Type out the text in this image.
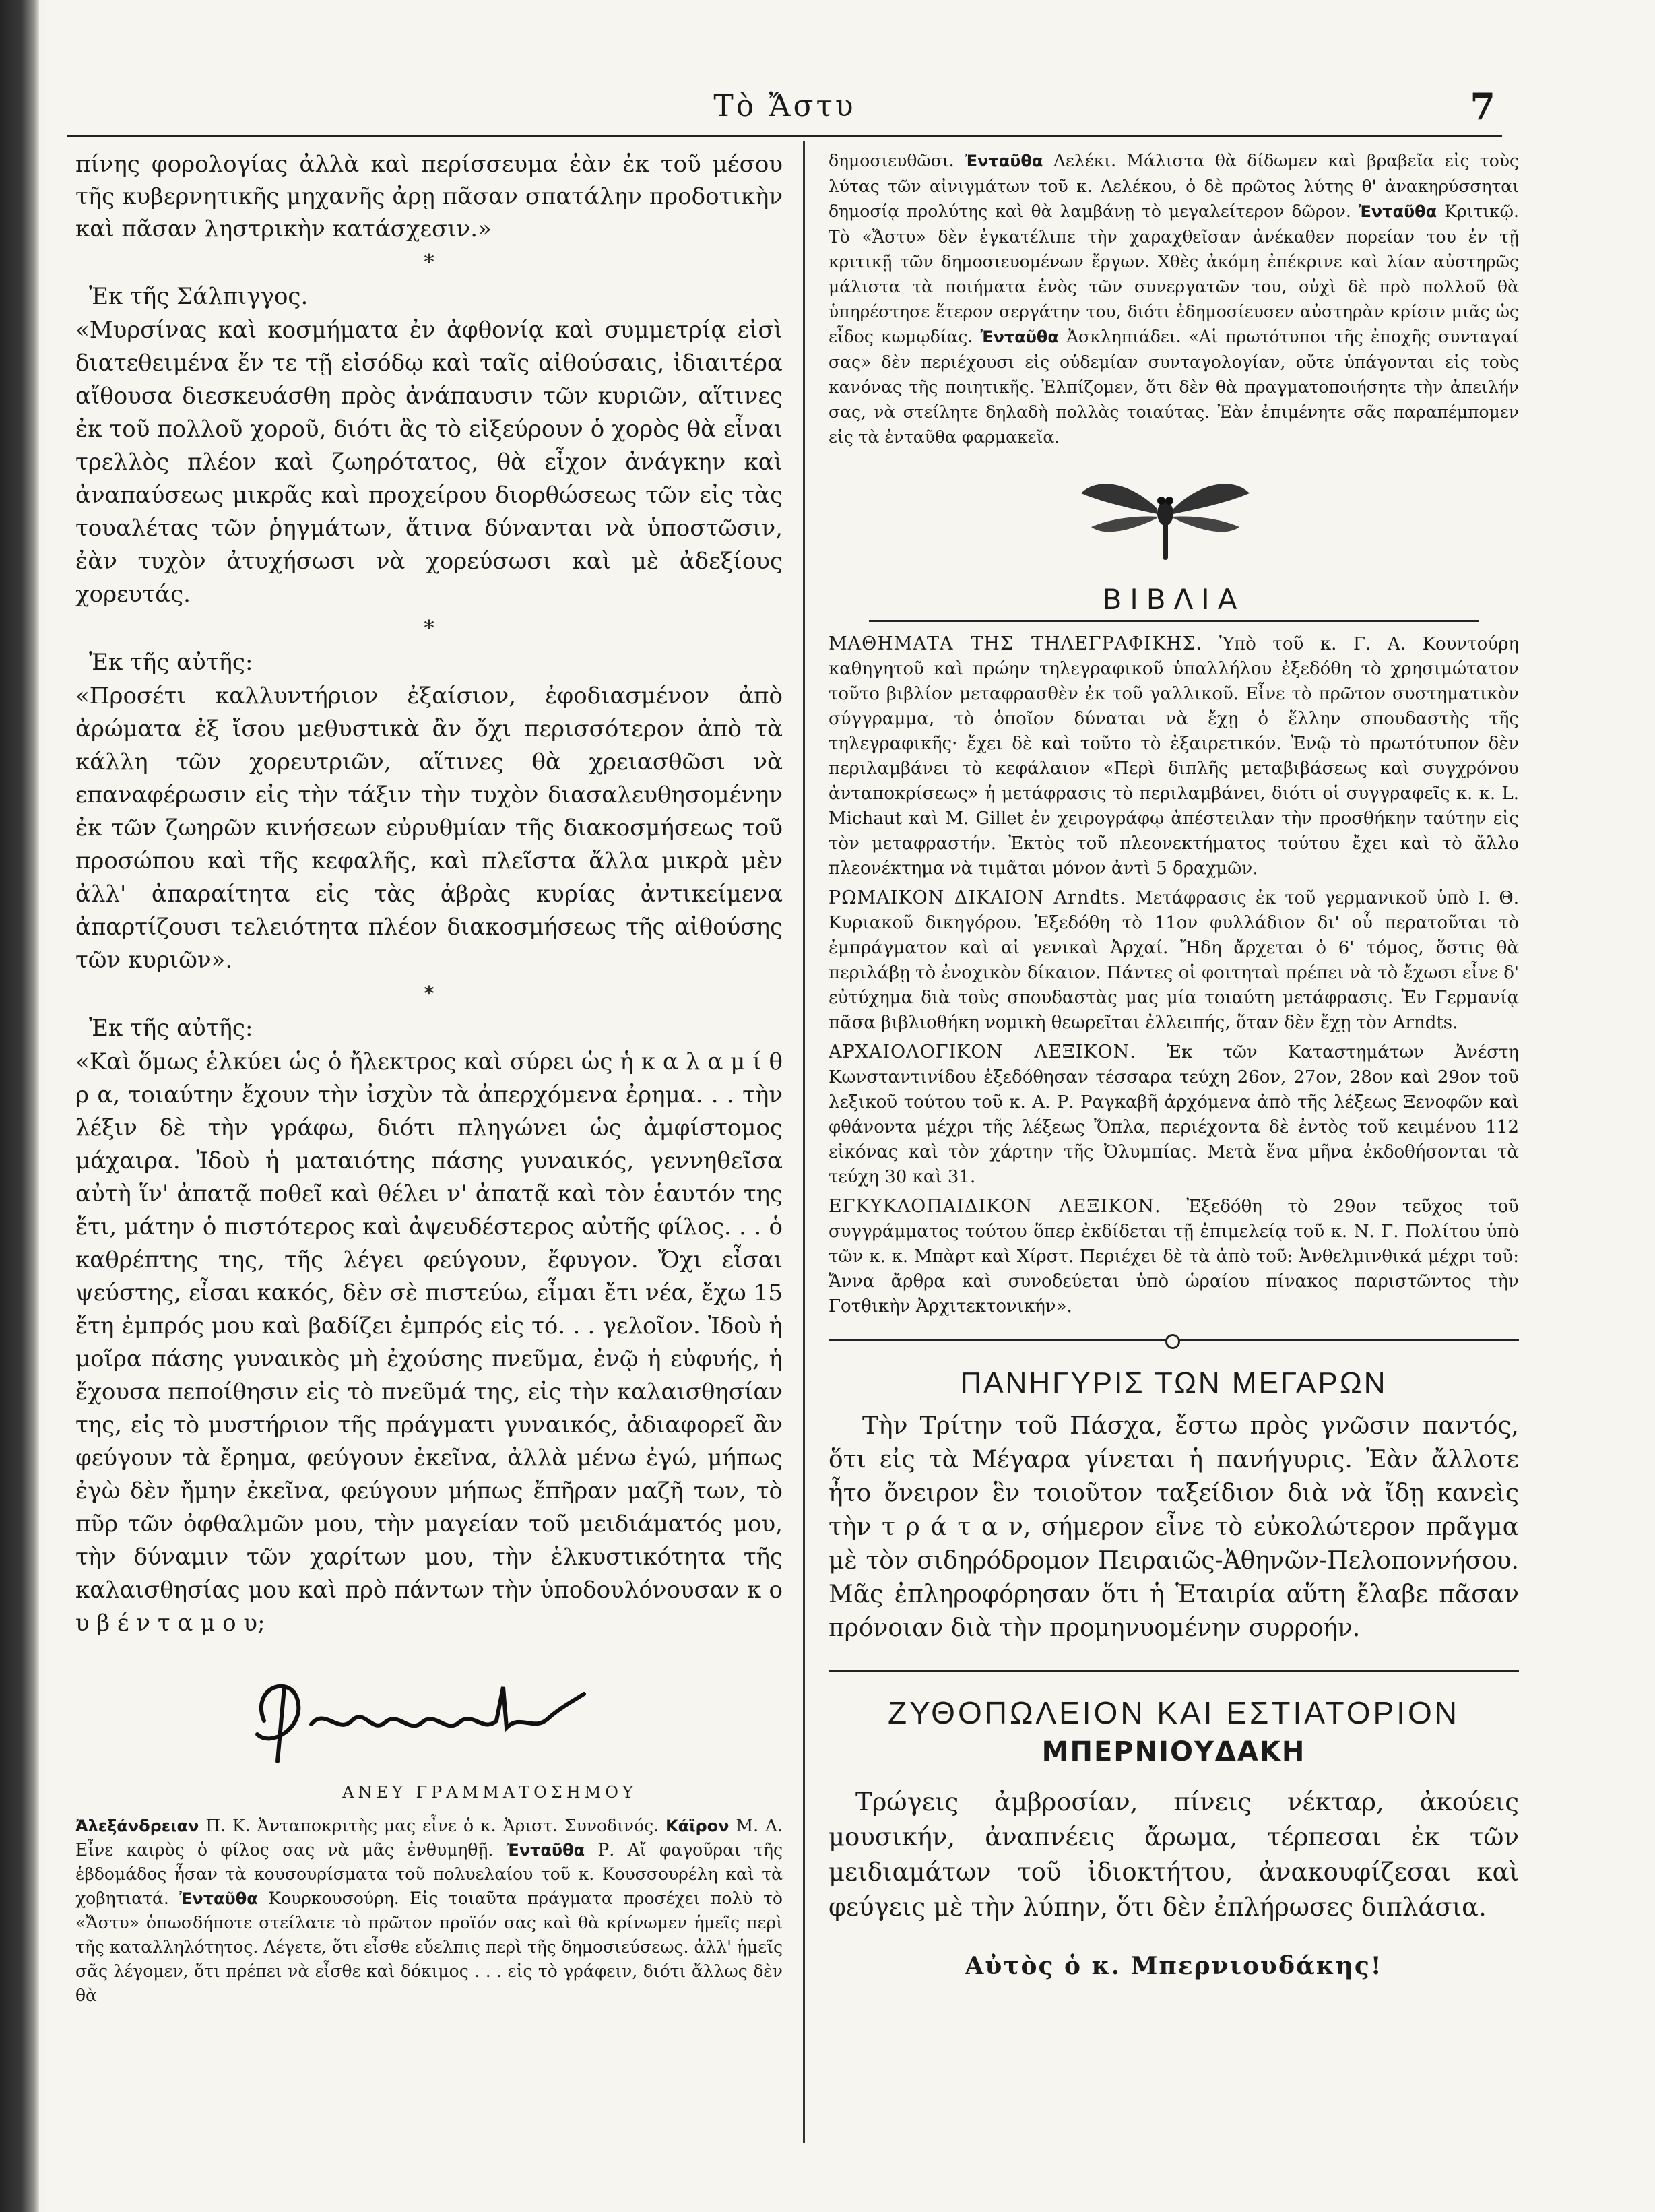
Τὸ Ἄστυ	7

πίνης φορολογίας ἀλλὰ καὶ περίσσευμα ἐὰν ἐκ τοῦ μέσου τῆς κυβερνητικῆς μηχανῆς ἀρῃ πᾶσαν σπατάλην προδοτικὴν καὶ πᾶσαν ληστρικὴν κατάσχεσιν.»

*

Ἐκ τῆς Σάλπιγγος.

«Μυρσίνας καὶ κοσμήματα ἐν ἀφθονίᾳ καὶ συμμετρίᾳ εἰσὶ διατεθειμένα ἔν τε τῇ εἰσόδῳ καὶ ταῖς αἰθούσαις, ἰδιαιτέρα αἴθουσα διεσκευάσθη πρὸς ἀνάπαυσιν τῶν κυριῶν, αἵτινες ἐκ τοῦ πολλοῦ χοροῦ, διότι ἂς τὸ εἰξεύρουν ὁ χορὸς θὰ εἶναι τρελλὸς πλέον καὶ ζωηρότατος, θὰ εἶχον ἀνάγκην καὶ ἀναπαύσεως μικρᾶς καὶ προχείρου διορθώσεως τῶν εἰς τὰς τουαλέτας τῶν ῥηγμάτων, ἅτινα δύνανται νὰ ὑποστῶσιν, ἐὰν τυχὸν ἀτυχήσωσι νὰ χορεύσωσι καὶ μὲ ἀδεξίους χορευτάς.

*

Ἐκ τῆς αὐτῆς:

«Προσέτι καλλυντήριον ἐξαίσιον, ἐφοδιασμένον ἀπὸ ἀρώματα ἐξ ἴσου μεθυστικὰ ἂν ὄχι περισσότερον ἀπὸ τὰ κάλλη τῶν χορευτριῶν, αἵτινες θὰ χρειασθῶσι νὰ επαναφέρωσιν εἰς τὴν τάξιν τὴν τυχὸν διασαλευθησομένην ἐκ τῶν ζωηρῶν κινήσεων εὐρυθμίαν τῆς διακοσμήσεως τοῦ προσώπου καὶ τῆς κεφαλῆς, καὶ πλεῖστα ἄλλα μικρὰ μὲν ἀλλ' ἀπαραίτητα εἰς τὰς ἁβρὰς κυρίας ἀντικείμενα ἀπαρτίζουσι τελειότητα πλέον διακοσμήσεως τῆς αἰθούσης τῶν κυριῶν».

*

Ἐκ τῆς αὐτῆς:

«Καὶ ὅμως ἑλκύει ὡς ὁ ἤλεκτρος καὶ σύρει ὡς ἡ κ α λ α μ ί θ ρ α, τοιαύτην ἔχουν τὴν ἰσχὺν τὰ ἀπερχόμενα ἐρημα. . . τὴν λέξιν δὲ τὴν γράφω, διότι πληγώνει ὡς ἀμφίστομος μάχαιρα. Ἰδοὺ ἡ ματαιότης πάσης γυναικός, γεννηθεῖσα αὐτὴ ἵν' ἀπατᾷ ποθεῖ καὶ θέλει ν' ἀπατᾷ καὶ τὸν ἑαυτόν της ἔτι, μάτην ὁ πιστότερος καὶ ἀψευδέστερος αὐτῆς φίλος. . . ὁ καθρέπτης της, τῆς λέγει φεύγουν, ἔφυγον. Ὄχι εἶσαι ψεύστης, εἶσαι κακός, δὲν σὲ πιστεύω, εἶμαι ἔτι νέα, ἔχω 15 ἔτη ἐμπρός μου καὶ βαδίζει ἐμπρός εἰς τό. . . γελοῖον. Ἰδοὺ ἡ μοῖρα πάσης γυναικὸς μὴ ἐχούσης πνεῦμα, ἐνῷ ἡ εὐφυής, ἡ ἔχουσα πεποίθησιν εἰς τὸ πνεῦμά της, εἰς τὴν καλαισθησίαν της, εἰς τὸ μυστήριον τῆς πράγματι γυναικός, ἀδιαφορεῖ ἂν φεύγουν τὰ ἔρημα, φεύγουν ἐκεῖνα, ἀλλὰ μένω ἐγώ, μήπως ἐγὼ δὲν ἤμην ἐκεῖνα, φεύγουν μήπως ἔπῆραν μαζῆ των, τὸ πῦρ τῶν ὀφθαλμῶν μου, τὴν μαγείαν τοῦ μειδιάματός μου, τὴν δύναμιν τῶν χαρίτων μου, τὴν ἑλκυστικότητα τῆς καλαισθησίας μου καὶ πρὸ πάντων τὴν ὑποδουλόνουσαν κ ο υ β έ ν τ α μ ο υ;

ΑΝΕΥ ΓΡΑΜΜΑΤΟΣΗΜΟΥ

Ἀλεξάνδρειαν Π. Κ. Ἀνταποκριτὴς μας εἶνε ὁ κ. Ἀριστ. Συνοδινός. Κάϊρον Μ. Λ. Εἶνε καιρὸς ὁ φίλος σας νὰ μᾶς ἐνθυμηθῇ. Ἐνταῦθα Ρ. Αἴ φαγοῦραι τῆς ἑβδομάδος ἦσαν τὰ κουσουρίσματα τοῦ πολυελαίου τοῦ κ. Κουσσουρέλη καὶ τὰ χοβητιατά. Ἐνταῦθα Κουρκουσούρη. Εἰς τοιαῦτα πράγματα προσέχει πολὺ τὸ «Ἄστυ» ὁπωσδήποτε στείλατε τὸ πρῶτον προϊόν σας καὶ θὰ κρίνωμεν ἡμεῖς περὶ τῆς καταλληλότητος. Λέγετε, ὅτι εἶσθε εὔελπις περὶ τῆς δημοσιεύσεως. ἀλλ' ἡμεῖς σᾶς λέγομεν, ὅτι πρέπει νὰ εἶσθε καὶ δόκιμος . . . εἰς τὸ γράφειν, διότι ἄλλως δὲν θὰ

δημοσιευθῶσι. Ἐνταῦθα Λελέκι. Μάλιστα θὰ δίδωμεν καὶ βραβεῖα εἰς τοὺς λύτας τῶν αἰνιγμάτων τοῦ κ. Λελέκου, ὁ δὲ πρῶτος λύτης θ' ἀνακηρύσσηται δημοσίᾳ προλύτης καὶ θὰ λαμβάνῃ τὸ μεγαλείτερον δῶρον. Ἐνταῦθα Κριτικῷ. Τὸ «Ἄστυ» δὲν ἐγκατέλιπε τὴν χαραχθεῖσαν ἀνέκαθεν πορείαν του ἐν τῇ κριτικῇ τῶν δημοσιευομένων ἔργων. Χθὲς ἀκόμη ἐπέκρινε καὶ λίαν αὐστηρῶς μάλιστα τὰ ποιήματα ἑνὸς τῶν συνεργατῶν του, οὐχὶ δὲ πρὸ πολλοῦ θὰ ὑπηρέστησε ἕτερον σεργάτην του, διότι ἐδημοσίευσεν αὐστηρὰν κρίσιν μιᾶς ὡς εἶδος κωμῳδίας. Ἐνταῦθα Ἀσκληπιάδει. «Αἱ πρωτότυποι τῆς ἐποχῆς συνταγαί σας» δὲν περιέχουσι εἰς οὐδεμίαν συνταγολογίαν, οὔτε ὑπάγονται εἰς τοὺς κανόνας τῆς ποιητικῆς. Ἐλπίζομεν, ὅτι δὲν θὰ πραγματοποιήσητε τὴν ἀπειλήν σας, νὰ στείλητε δηλαδὴ πολλὰς τοιαύτας. Ἐὰν ἐπιμένητε σᾶς παραπέμπομεν εἰς τὰ ἐνταῦθα φαρμακεῖα.

ΒΙΒΛΙΑ

ΜΑΘΗΜΑΤΑ ΤΗΣ ΤΗΛΕΓΡΑΦΙΚΗΣ. Ὑπὸ τοῦ κ. Γ. Α. Κουντούρη καθηγητοῦ καὶ πρώην τηλεγραφικοῦ ὑπαλλήλου ἐξεδόθη τὸ χρησιμώτατον τοῦτο βιβλίον μεταφρασθὲν ἐκ τοῦ γαλλικοῦ. Εἶνε τὸ πρῶτον συστηματικὸν σύγγραμμα, τὸ ὁποῖον δύναται νὰ ἔχῃ ὁ ἕλλην σπουδαστὴς τῆς τηλεγραφικῆς· ἔχει δὲ καὶ τοῦτο τὸ ἐξαιρετικόν. Ἐνῷ τὸ πρωτότυπον δὲν περιλαμβάνει τὸ κεφάλαιον «Περὶ διπλῆς μεταβιβάσεως καὶ συγχρόνου ἀνταποκρίσεως» ἡ μετάφρασις τὸ περιλαμβάνει, διότι οἱ συγγραφεῖς κ. κ. L. Michaut καὶ M. Gillet ἐν χειρογράφῳ ἀπέστειλαν τὴν προσθήκην ταύτην εἰς τὸν μεταφραστήν. Ἐκτὸς τοῦ πλεονεκτήματος τούτου ἔχει καὶ τὸ ἄλλο πλεονέκτημα νὰ τιμᾶται μόνον ἀντὶ 5 δραχμῶν.

ΡΩΜΑΙΚΟΝ ΔΙΚΑΙΟΝ Arndts. Μετάφρασις ἐκ τοῦ γερμανικοῦ ὑπὸ Ι. Θ. Κυριακοῦ δικηγόρου. Ἐξεδόθη τὸ 11ον φυλλάδιον δι' οὗ περατοῦται τὸ ἐμπράγματον καὶ αἱ γενικαὶ Ἀρχαί. Ἤδη ἄρχεται ὁ 6' τόμος, ὅστις θὰ περιλάβῃ τὸ ἐνοχικὸν δίκαιον. Πάντες οἱ φοιτηταὶ πρέπει νὰ τὸ ἔχωσι εἶνε δ' εὐτύχημα διὰ τοὺς σπουδαστὰς μας μία τοιαύτη μετάφρασις. Ἐν Γερμανίᾳ πᾶσα βιβλιοθήκη νομικὴ θεωρεῖται ἐλλειπής, ὅταν δὲν ἔχῃ τὸν Arndts.

ΑΡΧΑΙΟΛΟΓΙΚΟΝ ΛΕΞΙΚΟΝ. Ἐκ τῶν Καταστημάτων Ἀνέστη Κωνσταντινίδου ἐξεδόθησαν τέσσαρα τεύχη 26ον, 27ον, 28ον καὶ 29ον τοῦ λεξικοῦ τούτου τοῦ κ. Α. Ρ. Ραγκαβῆ ἀρχόμενα ἀπὸ τῆς λέξεως Ξενοφῶν καὶ φθάνοντα μέχρι τῆς λέξεως Ὅπλα, περιέχοντα δὲ ἐντὸς τοῦ κειμένου 112 εἰκόνας καὶ τὸν χάρτην τῆς Ὀλυμπίας. Μετὰ ἕνα μῆνα ἐκδοθήσονται τὰ τεύχη 30 καὶ 31.

ΕΓΚΥΚΛΟΠΑΙΔΙΚΟΝ ΛΕΞΙΚΟΝ. Ἐξεδόθη τὸ 29ον τεῦχος τοῦ συγγράμματος τούτου ὅπερ ἐκδίδεται τῇ ἐπιμελείᾳ τοῦ κ. Ν. Γ. Πολίτου ὑπὸ τῶν κ. κ. Μπὰρτ καὶ Χίρστ. Περιέχει δὲ τὰ ἀπὸ τοῦ: Ἀνθελμινθικά μέχρι τοῦ: Ἄννα ἄρθρα καὶ συνοδεύεται ὑπὸ ὡραίου πίνακος παριστῶντος τὴν Γοτθικὴν Ἀρχιτεκτονικήν».

ΠΑΝΗΓΥΡΙΣ ΤΩΝ ΜΕΓΑΡΩΝ

Τὴν Τρίτην τοῦ Πάσχα, ἔστω πρὸς γνῶσιν παντός, ὅτι εἰς τὰ Μέγαρα γίνεται ἡ πανήγυρις. Ἐὰν ἄλλοτε ἦτο ὄνειρον ἓν τοιοῦτον ταξείδιον διὰ νὰ ἴδῃ κανεὶς τὴν τ ρ ά τ α ν, σήμερον εἶνε τὸ εὐκολώτερον πρᾶγμα μὲ τὸν σιδηρόδρομον Πειραιῶς-Ἀθηνῶν-Πελοποννήσου. Μᾶς ἐπληροφόρησαν ὅτι ἡ Ἑταιρία αὕτη ἔλαβε πᾶσαν πρόνοιαν διὰ τὴν προμηνυομένην συρροήν.

ΖΥΘΟΠΩΛΕΙΟΝ ΚΑΙ ΕΣΤΙΑΤΟΡΙΟΝ
ΜΠΕΡΝΙΟΥΔΑΚΗ

Τρώγεις ἀμβροσίαν, πίνεις νέκταρ, ἀκούεις μουσικήν, ἀναπνέεις ἄρωμα, τέρπεσαι ἐκ τῶν μειδιαμάτων τοῦ ἰδιοκτήτου, ἀνακουφίζεσαι καὶ φεύγεις μὲ τὴν λύπην, ὅτι δὲν ἐπλήρωσες διπλάσια.

Αὐτὸς ὁ κ. Μπερνιουδάκης!
